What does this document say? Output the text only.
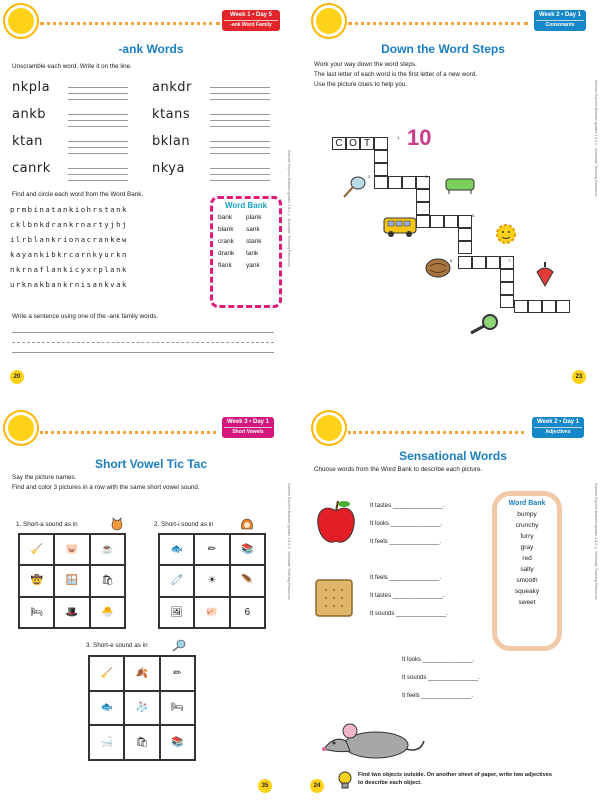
Week 1 • Day 5
-ank Word Family
-ank Words
Unscramble each word. Write it on the line.
nkpla	ankdr
ankb	ktans
ktan	bklan
canrk	nkya
Find and circle each word from the Word Bank.
prmbinatankiohrstank
cklbnkdrankrnartyjhj
ilrblankrionacrankew
kayankibkrcarnkyurkn
nkrnaflankicyxrplank
urknakbankrnisankvak
Word Bank
bank	plank
blank	sank
crank	stank
drank	tank
flank	yank
Write a sentence using one of the -ank family words.
20
Summer Express Between grades 1 & 2 © Scholastic Teaching Resources
Week 2 • Day 1
Consonants
Down the Word Steps
Work your way down the word steps.
The last letter of each word is the first letter of a new word.
Use the picture clues to help you.
C O T
1.
2.	3.
5.
6.	7.
10
23
Summer Express Between grades 1 & 2 © Scholastic Teaching Resources
Week 3 • Day 1
Short Vowels
Short Vowel Tic Tac
Say the picture names.
Find and color 3 pictures in a row with the same short vowel sound.
1. Short-a sound as in
🧹	🐷	☕
🤠	🪟	🛍
🛏	🎩	🐣
2. Short-i sound as in
🐟	✏	📚
🧷	☀	🪶
🖼	🐖	6
3. Short-e sound as in
🧹	🍂	✏
🐟	🧦	🛏
🛁	🛍	📚
35
Summer Express Between grades 1 & 2 © Scholastic Teaching Resources
Week 2 • Day 1
Adjectives
Sensational Words
Choose words from the Word Bank to describe each picture.
It tastes _______________.
It looks _______________.
It feels _______________.
It feels _______________.
It tastes _______________.
It sounds _______________.
Word Bank
bumpy
crunchy
furry
gray
red
salty
smooth
squeaky
sweet
It looks _______________.
It sounds _______________.
It feels _______________.
Find two objects outside. On another sheet of paper, write two adjectives
to describe each object.
24
Summer Express Between grades 1 & 2 © Scholastic Teaching Resources
